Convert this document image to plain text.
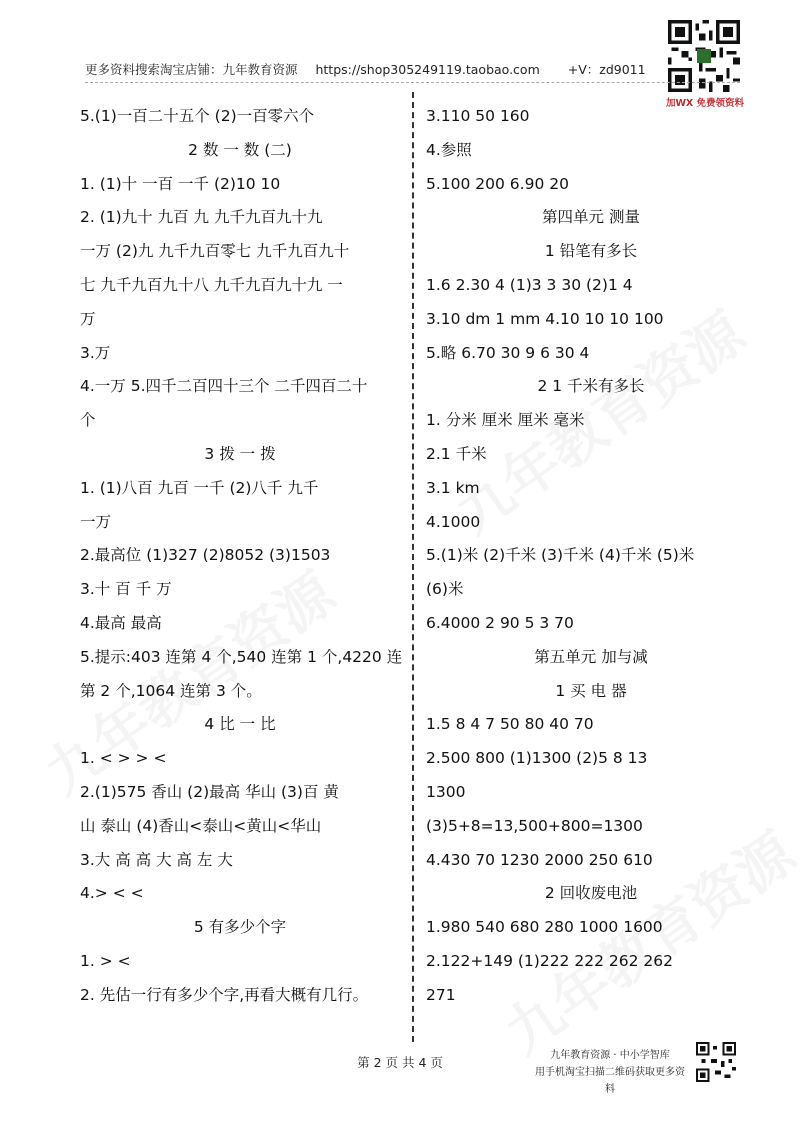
更多资料搜索淘宝店铺：九年教育资源 https://shop305249119.taobao.com +V：zd9011
加WX 免费领资料
5.(1)一百二十五个 (2)一百零六个
2 数 一 数 (二)
1. (1)十 一百 一千 (2)10 10
2. (1)九十 九百 九 九千九百九十九
一万 (2)九 九千九百零七 九千九百九十
七 九千九百九十八 九千九百九十九 一
万
3.万
4.一万 5.四千二百四十三个 二千四百二十
个
3 拨 一 拨
1. (1)八百 九百 一千 (2)八千 九千
一万
2.最高位 (1)327 (2)8052 (3)1503
3.十 百 千 万
4.最高 最高
5.提示:403 连第 4 个,540 连第 1 个,4220 连
第 2 个,1064 连第 3 个。
4 比 一 比
1. < > > <
2.(1)575 香山 (2)最高 华山 (3)百 黄
山 泰山 (4)香山<泰山<黄山<华山
3.大 高 高 大 高 左 大
4.> < <
5 有多少个字
1. > <
2. 先估一行有多少个字,再看大概有几行。
3.110 50 160
4.参照
5.100 200 6.90 20
第四单元 测量
1 铅笔有多长
1.6 2.30 4 (1)3 3 30 (2)1 4
3.10 dm 1 mm 4.10 10 10 100
5.略 6.70 30 9 6 30 4
2 1 千米有多长
1. 分米 厘米 厘米 毫米
2.1 千米
3.1 km
4.1000
5.(1)米 (2)千米 (3)千米 (4)千米 (5)米
(6)米
6.4000 2 90 5 3 70
第五单元 加与减
1 买 电 器
1.5 8 4 7 50 80 40 70
2.500 800 (1)1300 (2)5 8 13
1300
(3)5+8=13,500+800=1300
4.430 70 1230 2000 250 610
2 回收废电池
1.980 540 680 280 1000 1600
2.122+149 (1)222 222 262 262
271
第 2 页 共 4 页	九年教育资源 · 中小学智库
用手机淘宝扫描二维码获取更多资料
